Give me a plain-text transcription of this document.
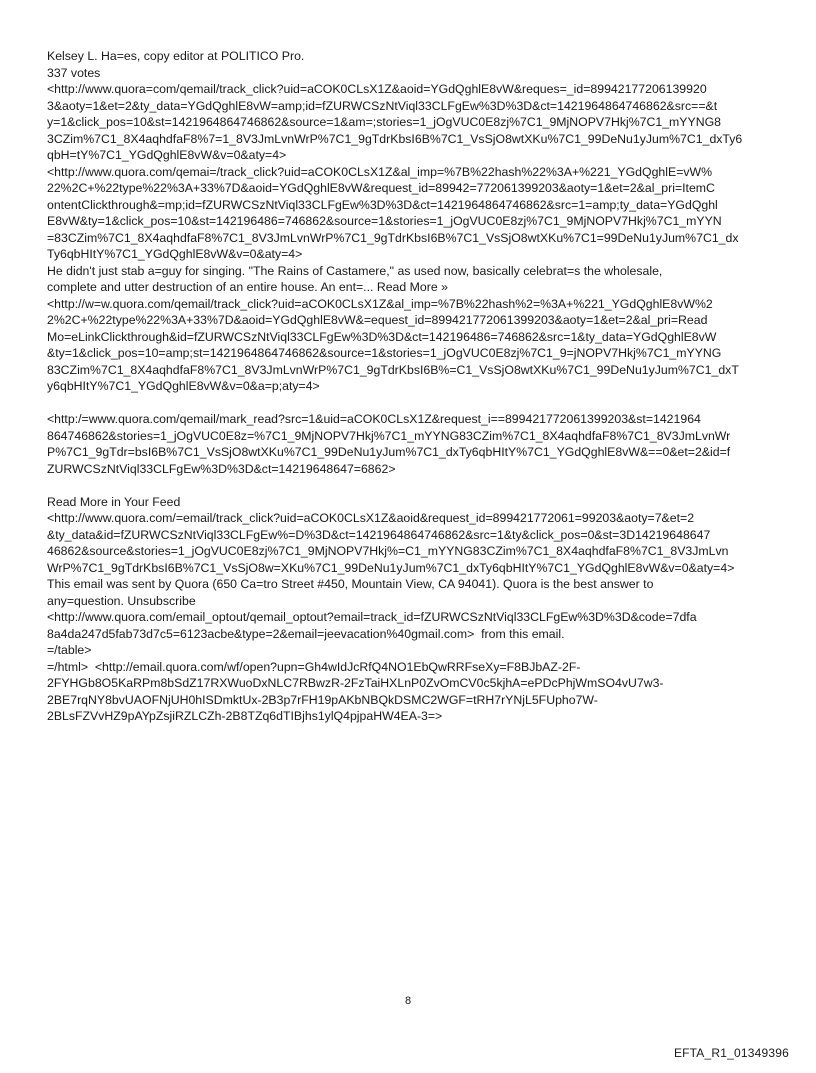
Kelsey L. Ha=es, copy editor at POLITICO Pro.
337 votes
<http://www.quora=com/qemail/track_click?uid=aCOK0CLsX1Z&aoid=YGdQghlE8vW&reques=_id=89942177206139920
3&aoty=1&et=2&ty_data=YGdQghlE8vW=amp;id=fZURWCSzNtViql33CLFgEw%3D%3D&ct=1421964864746862&src==&t
y=1&click_pos=10&st=1421964864746862&source=1&am=;stories=1_jOgVUC0E8zj%7C1_9MjNOPV7Hkj%7C1_mYYNG8
3CZim%7C1_8X4aqhdfaF8%7=1_8V3JmLvnWrP%7C1_9gTdrKbsI6B%7C1_VsSjO8wtXKu%7C1_99DeNu1yJum%7C1_dxTy6
qbH=tY%7C1_YGdQghlE8vW&v=0&aty=4>
<http://www.quora.com/qemai=/track_click?uid=aCOK0CLsX1Z&al_imp=%7B%22hash%22%3A+%221_YGdQghlE=vW%
22%2C+%22type%22%3A+33%7D&aoid=YGdQghlE8vW&request_id=89942=772061399203&aoty=1&et=2&al_pri=ItemC
ontentClickthrough&=mp;id=fZURWCSzNtViql33CLFgEw%3D%3D&ct=1421964864746862&src=1=amp;ty_data=YGdQghl
E8vW&ty=1&click_pos=10&st=142196486=746862&source=1&stories=1_jOgVUC0E8zj%7C1_9MjNOPV7Hkj%7C1_mYYN
=83CZim%7C1_8X4aqhdfaF8%7C1_8V3JmLvnWrP%7C1_9gTdrKbsI6B%7C1_VsSjO8wtXKu%7C1=99DeNu1yJum%7C1_dx
Ty6qbHItY%7C1_YGdQghlE8vW&v=0&aty=4>
He didn't just stab a=guy for singing. "The Rains of Castamere," as used now, basically celebrat=s the wholesale,
complete and utter destruction of an entire house. An ent=... Read More »
<http://w=w.quora.com/qemail/track_click?uid=aCOK0CLsX1Z&al_imp=%7B%22hash%2=%3A+%221_YGdQghlE8vW%2
2%2C+%22type%22%3A+33%7D&aoid=YGdQghlE8vW&=equest_id=899421772061399203&aoty=1&et=2&al_pri=Read
Mo=eLinkClickthrough&id=fZURWCSzNtViql33CLFgEw%3D%3D&ct=142196486=746862&src=1&ty_data=YGdQghlE8vW
&ty=1&click_pos=10=amp;st=1421964864746862&source=1&stories=1_jOgVUC0E8zj%7C1_9=jNOPV7Hkj%7C1_mYYNG
83CZim%7C1_8X4aqhdfaF8%7C1_8V3JmLvnWrP%7C1_9gTdrKbsI6B%=C1_VsSjO8wtXKu%7C1_99DeNu1yJum%7C1_dxT
y6qbHItY%7C1_YGdQghlE8vW&v=0&a=p;aty=4>
<http:/=www.quora.com/qemail/mark_read?src=1&uid=aCOK0CLsX1Z&request_i==899421772061399203&st=1421964
864746862&stories=1_jOgVUC0E8z=%7C1_9MjNOPV7Hkj%7C1_mYYNG83CZim%7C1_8X4aqhdfaF8%7C1_8V3JmLvnWr
P%7C1_9gTdr=bsI6B%7C1_VsSjO8wtXKu%7C1_99DeNu1yJum%7C1_dxTy6qbHItY%7C1_YGdQghlE8vW&==0&et=2&id=f
ZURWCSzNtViql33CLFgEw%3D%3D&ct=14219648647=6862>
Read More in Your Feed
<http://www.quora.com/=email/track_click?uid=aCOK0CLsX1Z&aoid&request_id=899421772061=99203&aoty=7&et=2
&ty_data&id=fZURWCSzNtViql33CLFgEw%=D%3D&ct=1421964864746862&src=1&ty&click_pos=0&st=3D14219648647
46862&source&stories=1_jOgVUC0E8zj%7C1_9MjNOPV7Hkj%=C1_mYYNG83CZim%7C1_8X4aqhdfaF8%7C1_8V3JmLvn
WrP%7C1_9gTdrKbsI6B%7C1_VsSjO8w=XKu%7C1_99DeNu1yJum%7C1_dxTy6qbHItY%7C1_YGdQghlE8vW&v=0&aty=4>
This email was sent by Quora (650 Ca=tro Street #450, Mountain View, CA 94041). Quora is the best answer to
any=question. Unsubscribe
<http://www.quora.com/email_optout/qemail_optout?email=track_id=fZURWCSzNtViql33CLFgEw%3D%3D&code=7dfa
8a4da247d5fab73d7c5=6123acbe&type=2&email=jeevacation%40gmail.com>  from this email.
=/table>
=/html>  <http://email.quora.com/wf/open?upn=Gh4wIdJcRfQ4NO1EbQwRRFseXy=F8BJbAZ-2F-
2FYHGb8O5KaRPm8bSdZ17RXWuoDxNLC7RBwzR-2FzTaiHXLnP0ZvOmCV0c5kjhA=ePDcPhjWmSO4vU7w3-
2BE7rqNY8bvUAOFNjUH0hISDmktUx-2B3p7rFH19pAKbNBQkDSMC2WGF=tRH7rYNjL5FUpho7W-
2BLsFZVvHZ9pAYpZsjiRZLCZh-2B8TZq6dTIBjhs1ylQ4pjpaHW4EA-3=>
8
EFTA_R1_01349396
